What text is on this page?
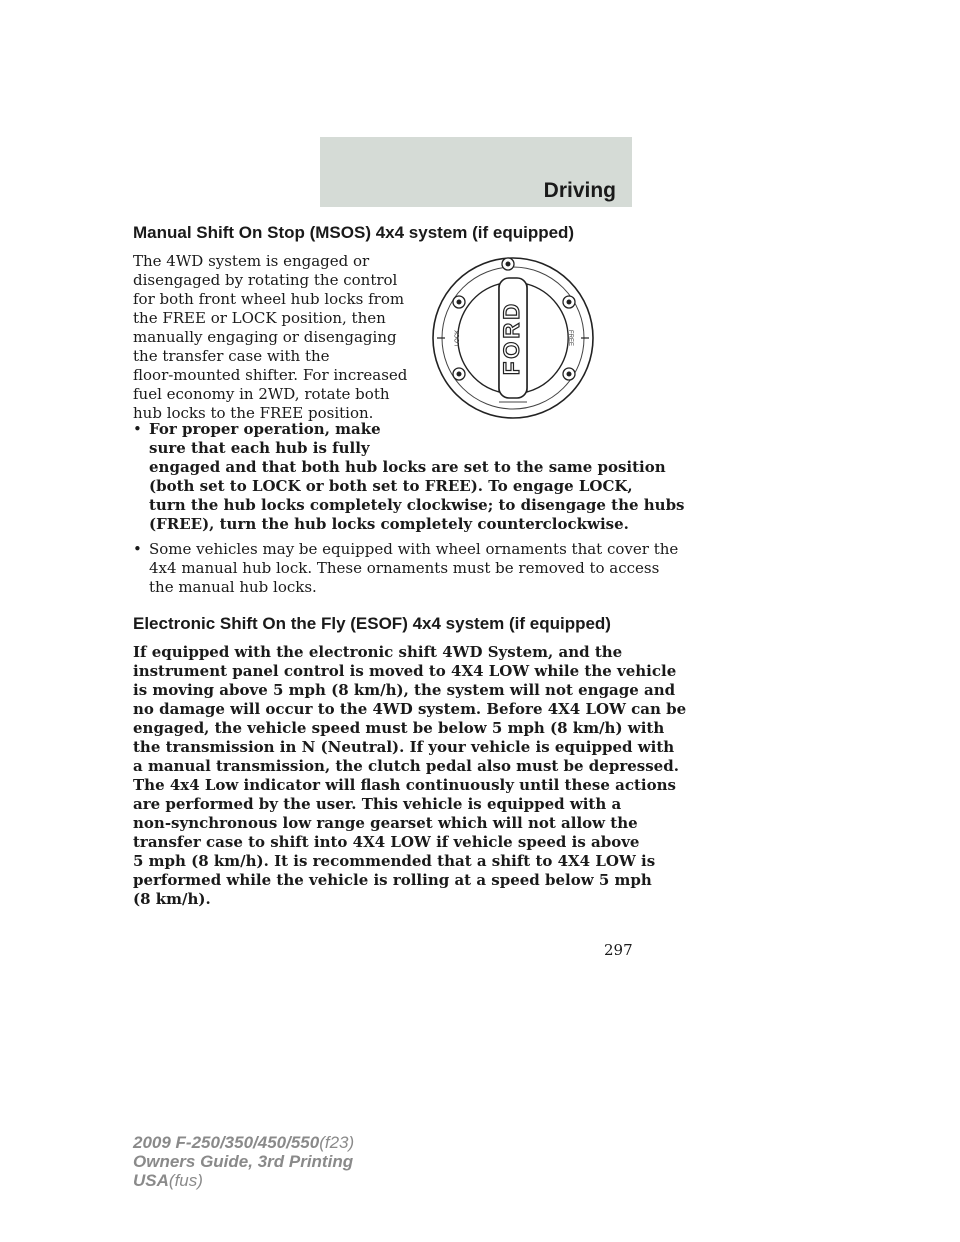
Driving
Manual Shift On Stop (MSOS) 4x4 system (if equipped)

The 4WD system is engaged or

disengaged by rotating the control

for both front wheel hub locks from

the FREE or LOCK position, then

manually engaging or disengaging

the transfer case with the

floor-mounted shifter. For increased

fuel economy in 2WD, rotate both

hub locks to the FREE position.

FORD
LOCK	FREE
• For proper operation, make

sure that each hub is fully

engaged and that both hub locks are set to the same position

(both set to LOCK or both set to FREE). To engage LOCK,

turn the hub locks completely clockwise; to disengage the hubs

(FREE), turn the hub locks completely counterclockwise.

• Some vehicles may be equipped with wheel ornaments that cover the

4x4 manual hub lock. These ornaments must be removed to access

the manual hub locks.

Electronic Shift On the Fly (ESOF) 4x4 system (if equipped)

If equipped with the electronic shift 4WD System, and the

instrument panel control is moved to 4X4 LOW while the vehicle

is moving above 5 mph (8 km/h), the system will not engage and

no damage will occur to the 4WD system. Before 4X4 LOW can be

engaged, the vehicle speed must be below 5 mph (8 km/h) with

the transmission in N (Neutral). If your vehicle is equipped with

a manual transmission, the clutch pedal also must be depressed.

The 4x4 Low indicator will flash continuously until these actions

are performed by the user. This vehicle is equipped with a

non-synchronous low range gearset which will not allow the

transfer case to shift into 4X4 LOW if vehicle speed is above

5 mph (8 km/h). It is recommended that a shift to 4X4 LOW is

performed while the vehicle is rolling at a speed below 5 mph

(8 km/h).

297
2009 F-250/350/450/550(f23)
Owners Guide, 3rd Printing
USA(fus)
